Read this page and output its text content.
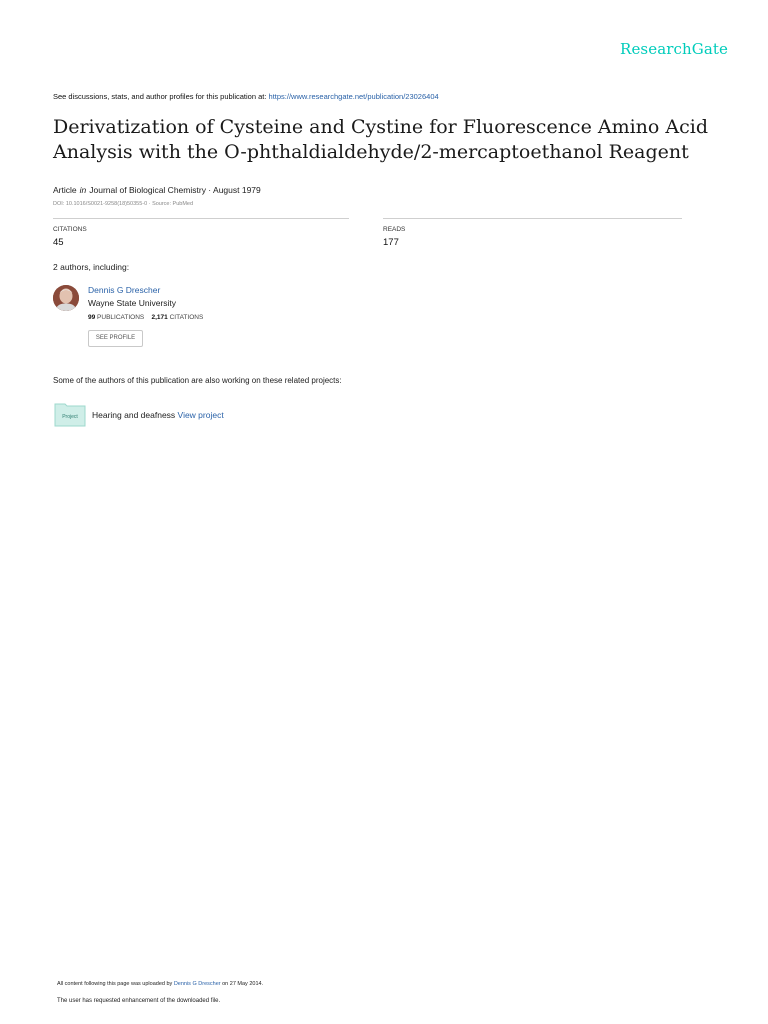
ResearchGate
See discussions, stats, and author profiles for this publication at: https://www.researchgate.net/publication/23026404
Derivatization of Cysteine and Cystine for Fluorescence Amino Acid Analysis with the O-phthaldialdehyde/2-mercaptoethanol Reagent
Article in Journal of Biological Chemistry · August 1979
DOI: 10.1016/S0021-9258(18)50355-0 · Source: PubMed
CITATIONS
45
READS
177
2 authors, including:
Dennis G Drescher
Wayne State University
99 PUBLICATIONS 2,171 CITATIONS
SEE PROFILE
Some of the authors of this publication are also working on these related projects:
Project Hearing and deafness View project
All content following this page was uploaded by Dennis G Drescher on 27 May 2014.
The user has requested enhancement of the downloaded file.
